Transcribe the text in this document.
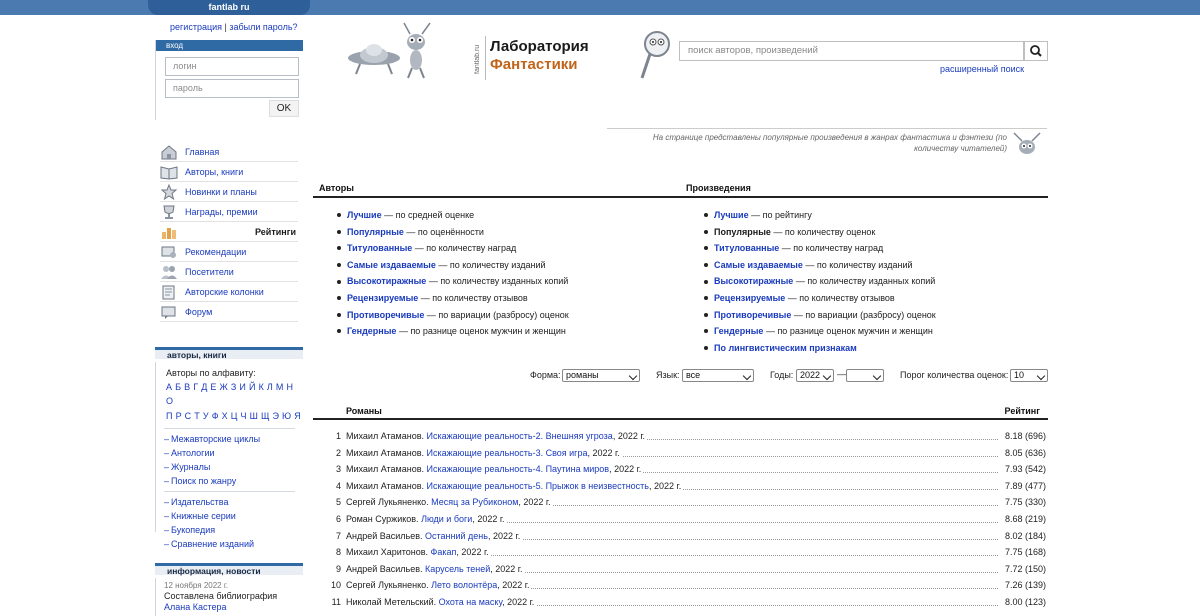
fantlab ru
регистрация | забыли пароль?
вход
логин
пароль
OK
Главная
Авторы, книги
Новинки и планы
Награды, премии
Рейтинги
Рекомендации
Посетители
Авторские колонки
Форум
авторы, книги
Авторы по алфавиту:
А Б В Г Д Е Ж З И Й К Л М Н О
П Р С Т У Ф Х Ц Ч Ш Щ Э Ю Я
– Межавторские циклы
– Антологии
– Журналы
– Поиск по жанру
– Издательства
– Книжные серии
– Букопедия
– Сравнение изданий
информация, новости
12 ноября 2022 г.
Составлена библиография
Алана Кастера
fantlab.ru Лаборатория
Фантастики
поиск авторов, произведений
расширенный поиск
На странице представлены популярные произведения в жанрах фантастика и фэнтези (по количеству читателей)
Авторы	Произведения
Лучшие — по средней оценке
Популярные — по оценённости
Титулованные — по количеству наград
Самые издаваемые — по количеству изданий
Высокотиражные — по количеству изданных копий
Рецензируемые — по количеству отзывов
Противоречивые — по вариации (разбросу) оценок
Гендерные — по разнице оценок мужчин и женщин
Лучшие — по рейтингу
Популярные — по количеству оценок
Титулованные — по количеству наград
Самые издаваемые — по количеству изданий
Высокотиражные — по количеству изданных копий
Рецензируемые — по количеству отзывов
Противоречивые — по вариации (разбросу) оценок
Гендерные — по разнице оценок мужчин и женщин
По лингвистическим признакам
Форма: романы	Язык: все	Годы: 2022	—	Порог количества оценок: 10
Романы	Рейтинг
1 Михаил Атаманов. Искажающие реальность-2. Внешняя угроза, 2022 г.	8.18 (696)
2 Михаил Атаманов. Искажающие реальность-3. Своя игра, 2022 г.	8.05 (636)
3 Михаил Атаманов. Искажающие реальность-4. Паутина миров, 2022 г.	7.93 (542)
4 Михаил Атаманов. Искажающие реальность-5. Прыжок в неизвестность, 2022 г.	7.89 (477)
5 Сергей Лукьяненко. Месяц за Рубиконом, 2022 г.	7.75 (330)
6 Роман Суржиков. Люди и боги, 2022 г.	8.68 (219)
7 Андрей Васильев. Останний день, 2022 г.	8.02 (184)
8 Михаил Харитонов. Факап, 2022 г.	7.75 (168)
9 Андрей Васильев. Карусель теней, 2022 г.	7.72 (150)
10 Сергей Лукьяненко. Лето волонтёра, 2022 г.	7.26 (139)
11 Николай Метельский. Охота на маску, 2022 г.	8.00 (123)
